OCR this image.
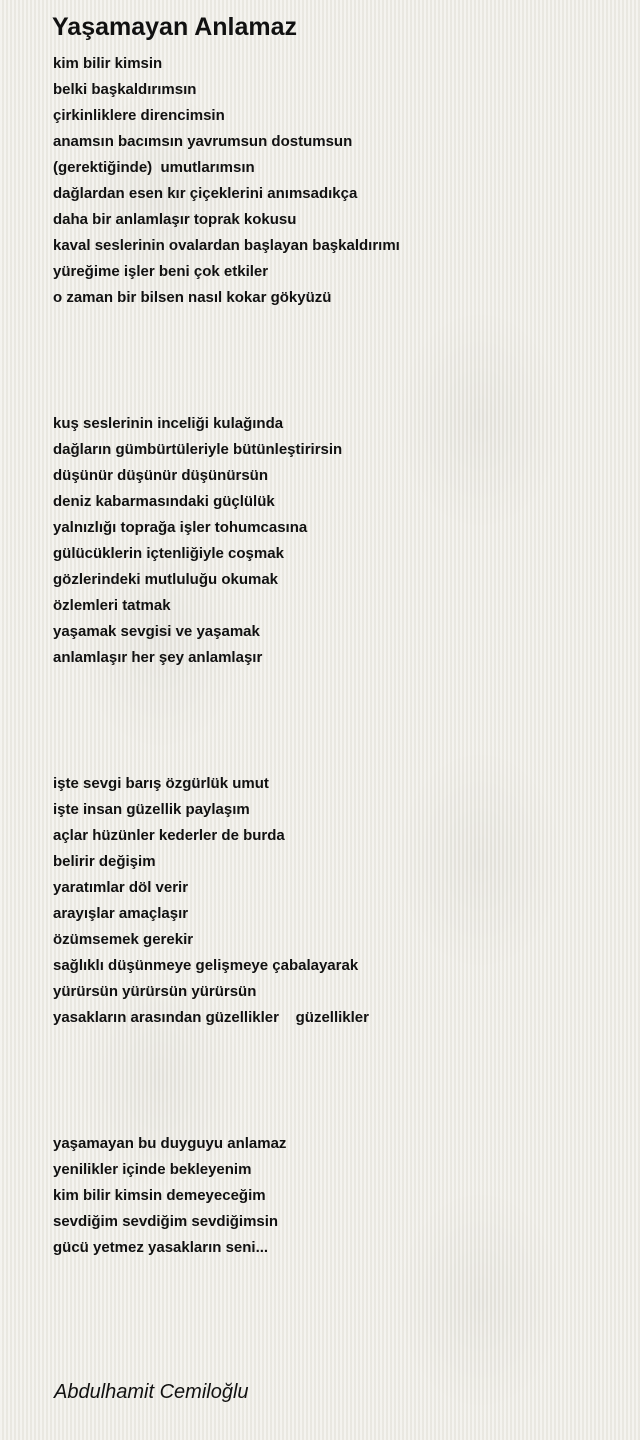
Yaşamayan Anlamaz
kim bilir kimsin
belki başkaldırımsın
çirkinliklere direncimsin
anamsın bacımsın yavrumsun dostumsun
(gerektiğinde)  umutlarımsın
dağlardan esen kır çiçeklerini anımsadıkça
daha bir anlamlaşır toprak kokusu
kaval seslerinin ovalardan başlayan başkaldırımı
yüreğime işler beni çok etkiler
o zaman bir bilsen nasıl kokar gökyüzü
kuş seslerinin inceliği kulağında
dağların gümbürtüleriyle bütünleştirirsin
düşünür düşünür düşünürsün
deniz kabarmasındaki güçlülük
yalnızlığı toprağa işler tohumcasına
gülücüklerin içtenliğiyle coşmak
gözlerindeki mutluluğu okumak
özlemleri tatmak
yaşamak sevgisi ve yaşamak
anlamlaşır her şey anlamlaşır
işte sevgi barış özgürlük umut
işte insan güzellik paylaşım
açlar hüzünler kederler de burda
belirir değişim
yaratımlar döl verir
arayışlar amaçlaşır
özümsemek gerekir
sağlıklı düşünmeye gelişmeye çabalayarak
yürürsün yürürsün yürürsün
yasakların arasından güzellikler    güzellikler
yaşamayan bu duyguyu anlamaz
yenilikler içinde bekleyenim
kim bilir kimsin demeyeceğim
sevdiğim sevdiğim sevdiğimsin
gücü yetmez yasakların seni...

Abdulhamit Cemiloğlu
